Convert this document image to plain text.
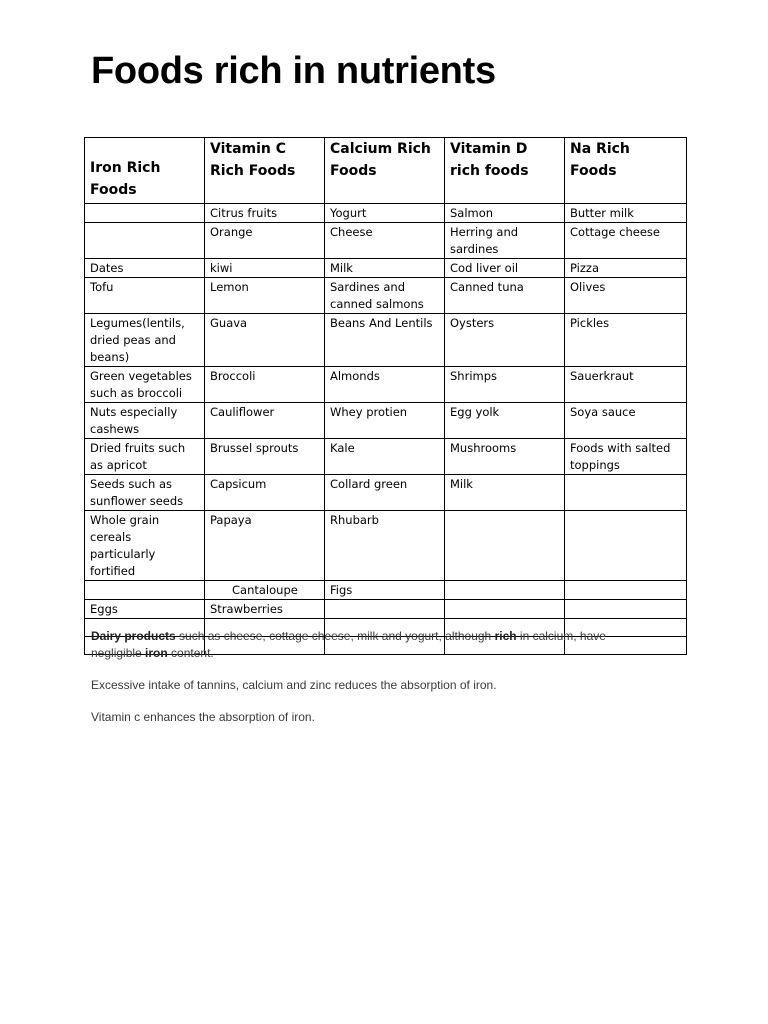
Foods rich in nutrients
Iron Rich Foods	Vitamin C Rich Foods	Calcium Rich Foods	Vitamin D rich foods	Na Rich Foods
	Citrus fruits	Yogurt	Salmon	Butter milk
	Orange	Cheese	Herring and sardines	Cottage cheese
Dates	kiwi	Milk	Cod liver oil	Pizza
Tofu	Lemon	Sardines and canned salmons	Canned tuna	Olives
Legumes(lentils, dried peas and beans)	Guava	Beans And Lentils	Oysters	Pickles
Green vegetables such as broccoli	Broccoli	Almonds	Shrimps	Sauerkraut
Nuts especially cashews	Cauliflower	Whey protien	Egg yolk	Soya sauce
Dried fruits such as apricot	Brussel sprouts	Kale	Mushrooms	Foods with salted toppings
Seeds such as sunflower seeds	Capsicum	Collard green	Milk	
Whole grain cereals particularly fortified	Papaya	Rhubarb		
	Cantaloupe	Figs		
Eggs	Strawberries			

Dairy products such as cheese, cottage cheese, milk and yogurt, although rich in calcium, have negligible iron content.

Excessive intake of tannins, calcium and zinc reduces the absorption of iron.

Vitamin c enhances the absorption of iron.
